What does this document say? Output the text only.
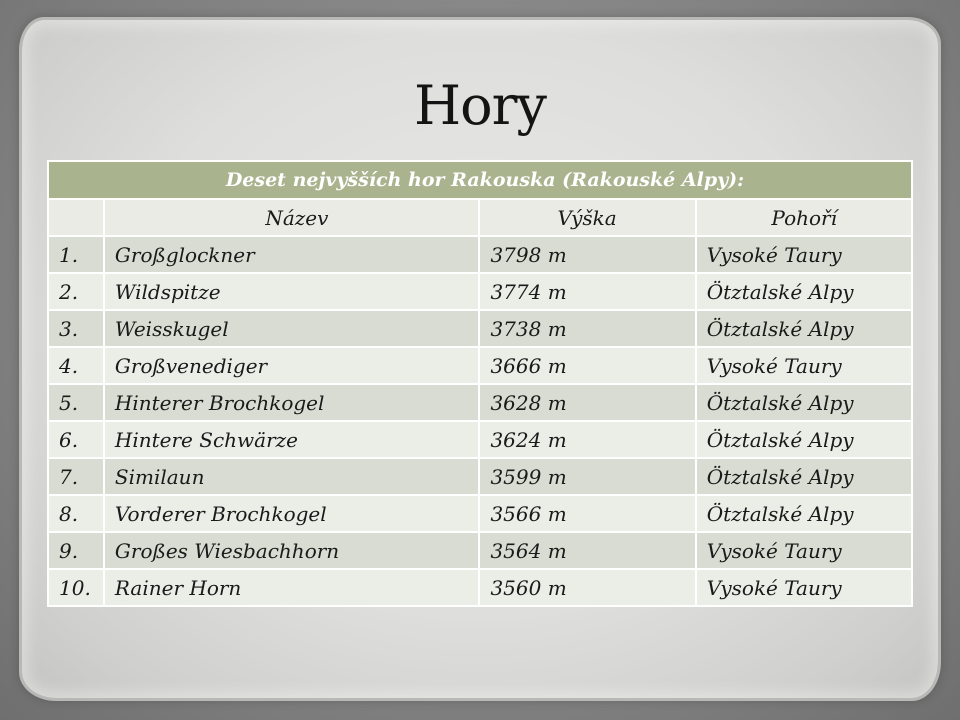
Hory
Deset nejvyšších hor Rakouska (Rakouské Alpy):			
	Název	Výška	Pohoří
1.	Großglockner	3798 m	Vysoké Taury
2.	Wildspitze	3774 m	Ötztalské Alpy
3.	Weisskugel	3738 m	Ötztalské Alpy
4.	Großvenediger	3666 m	Vysoké Taury
5.	Hinterer Brochkogel	3628 m	Ötztalské Alpy
6.	Hintere Schwärze	3624 m	Ötztalské Alpy
7.	Similaun	3599 m	Ötztalské Alpy
8.	Vorderer Brochkogel	3566 m	Ötztalské Alpy
9.	Großes Wiesbachhorn	3564 m	Vysoké Taury
10.	Rainer Horn	3560 m	Vysoké Taury
